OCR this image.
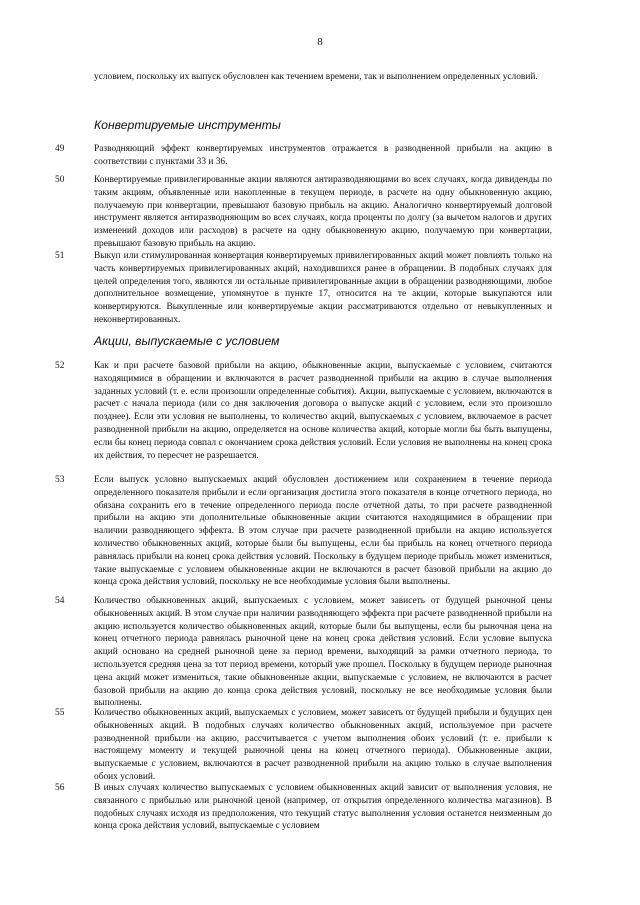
8
условием, поскольку их выпуск обусловлен как течением времени, так и выполнением определенных условий.
Конвертируемые инструменты
49	Разводняющий эффект конвертируемых инструментов отражается в разводненной прибыли на акцию в соответствии с пунктами 33 и 36.
50	Конвертируемые привилегированные акции являются антиразводняющими во всех случаях, когда дивиденды по таким акциям, объявленные или накопленные в текущем периоде, в расчете на одну обыкновенную акцию, получаемую при конвертации, превышают базовую прибыль на акцию. Аналогично конвертируемый долговой инструмент является антиразводняющим во всех случаях, когда проценты по долгу (за вычетом налогов и других изменений доходов или расходов) в расчете на одну обыкновенную акцию, получаемую при конвертации, превышают базовую прибыль на акцию.
51	Выкуп или стимулированная конвертация конвертируемых привилегированных акций может повлиять только на часть конвертируемых привилегированных акций, находившихся ранее в обращении. В подобных случаях для целей определения того, являются ли остальные привилегированные акции в обращении разводняющими, любое дополнительное возмещение, упомянутое в пункте 17, относится на те акции, которые выкупаются или конвертируются. Выкупленные или конвертируемые акции рассматриваются отдельно от невыкупленных и неконвертированных.
Акции, выпускаемые с условием
52	Как и при расчете базовой прибыли на акцию, обыкновенные акции, выпускаемые с условием, считаются находящимися в обращении и включаются в расчет разводненной прибыли на акцию в случае выполнения заданных условий (т. е. если произошли определенные события). Акции, выпускаемые с условием, включаются в расчет с начала периода (или со дня заключения договора о выпуске акций с условием, если это произошло позднее). Если эти условия не выполнены, то количество акций, выпускаемых с условием, включаемое в расчет разводненной прибыли на акцию, определяется на основе количества акций, которые могли бы быть выпущены, если бы конец периода совпал с окончанием срока действия условий. Если условия не выполнены на конец срока их действия, то пересчет не разрешается.
53	Если выпуск условно выпускаемых акций обусловлен достижением или сохранением в течение периода определенного показателя прибыли и если организация достигла этого показателя в конце отчетного периода, но обязана сохранить его в течение определенного периода после отчетной даты, то при расчете разводненной прибыли на акцию эти дополнительные обыкновенные акции считаются находящимися в обращении при наличии разводняющего эффекта. В этом случае при расчете разводненной прибыли на акцию используется количество обыкновенных акций, которые были бы выпущены, если бы прибыль на конец отчетного периода равнялась прибыли на конец срока действия условий. Поскольку в будущем периоде прибыль может измениться, такие выпускаемые с условием обыкновенные акции не включаются в расчет базовой прибыли на акцию до конца срока действия условий, поскольку не все необходимые условия были выполнены.
54	Количество обыкновенных акций, выпускаемых с условием, может зависеть от будущей рыночной цены обыкновенных акций. В этом случае при наличии разводняющего эффекта при расчете разводненной прибыли на акцию используется количество обыкновенных акций, которые были бы выпущены, если бы рыночная цена на конец отчетного периода равнялась рыночной цене на конец срока действия условий. Если условие выпуска акций основано на средней рыночной цене за период времени, выходящий за рамки отчетного периода, то используется средняя цена за тот период времени, который уже прошел. Поскольку в будущем периоде рыночная цена акций может измениться, такие обыкновенные акции, выпускаемые с условием, не включаются в расчет базовой прибыли на акцию до конца срока действия условий, поскольку не все необходимые условия были выполнены.
55	Количество обыкновенных акций, выпускаемых с условием, может зависеть от будущей прибыли и будущих цен обыкновенных акций. В подобных случаях количество обыкновенных акций, используемое при расчете разводненной прибыли на акцию, рассчитывается с учетом выполнения обоих условий (т. е. прибыли к настоящему моменту и текущей рыночной цены на конец отчетного периода). Обыкновенные акции, выпускаемые с условием, включаются в расчет разводненной прибыли на акцию только в случае выполнения обоих условий.
56	В иных случаях количество выпускаемых с условием обыкновенных акций зависит от выполнения условия, не связанного с прибылью или рыночной ценой (например, от открытия определенного количества магазинов). В подобных случаях исходя из предположения, что текущий статус выполнения условия останется неизменным до конца срока действия условий, выпускаемые с условием
